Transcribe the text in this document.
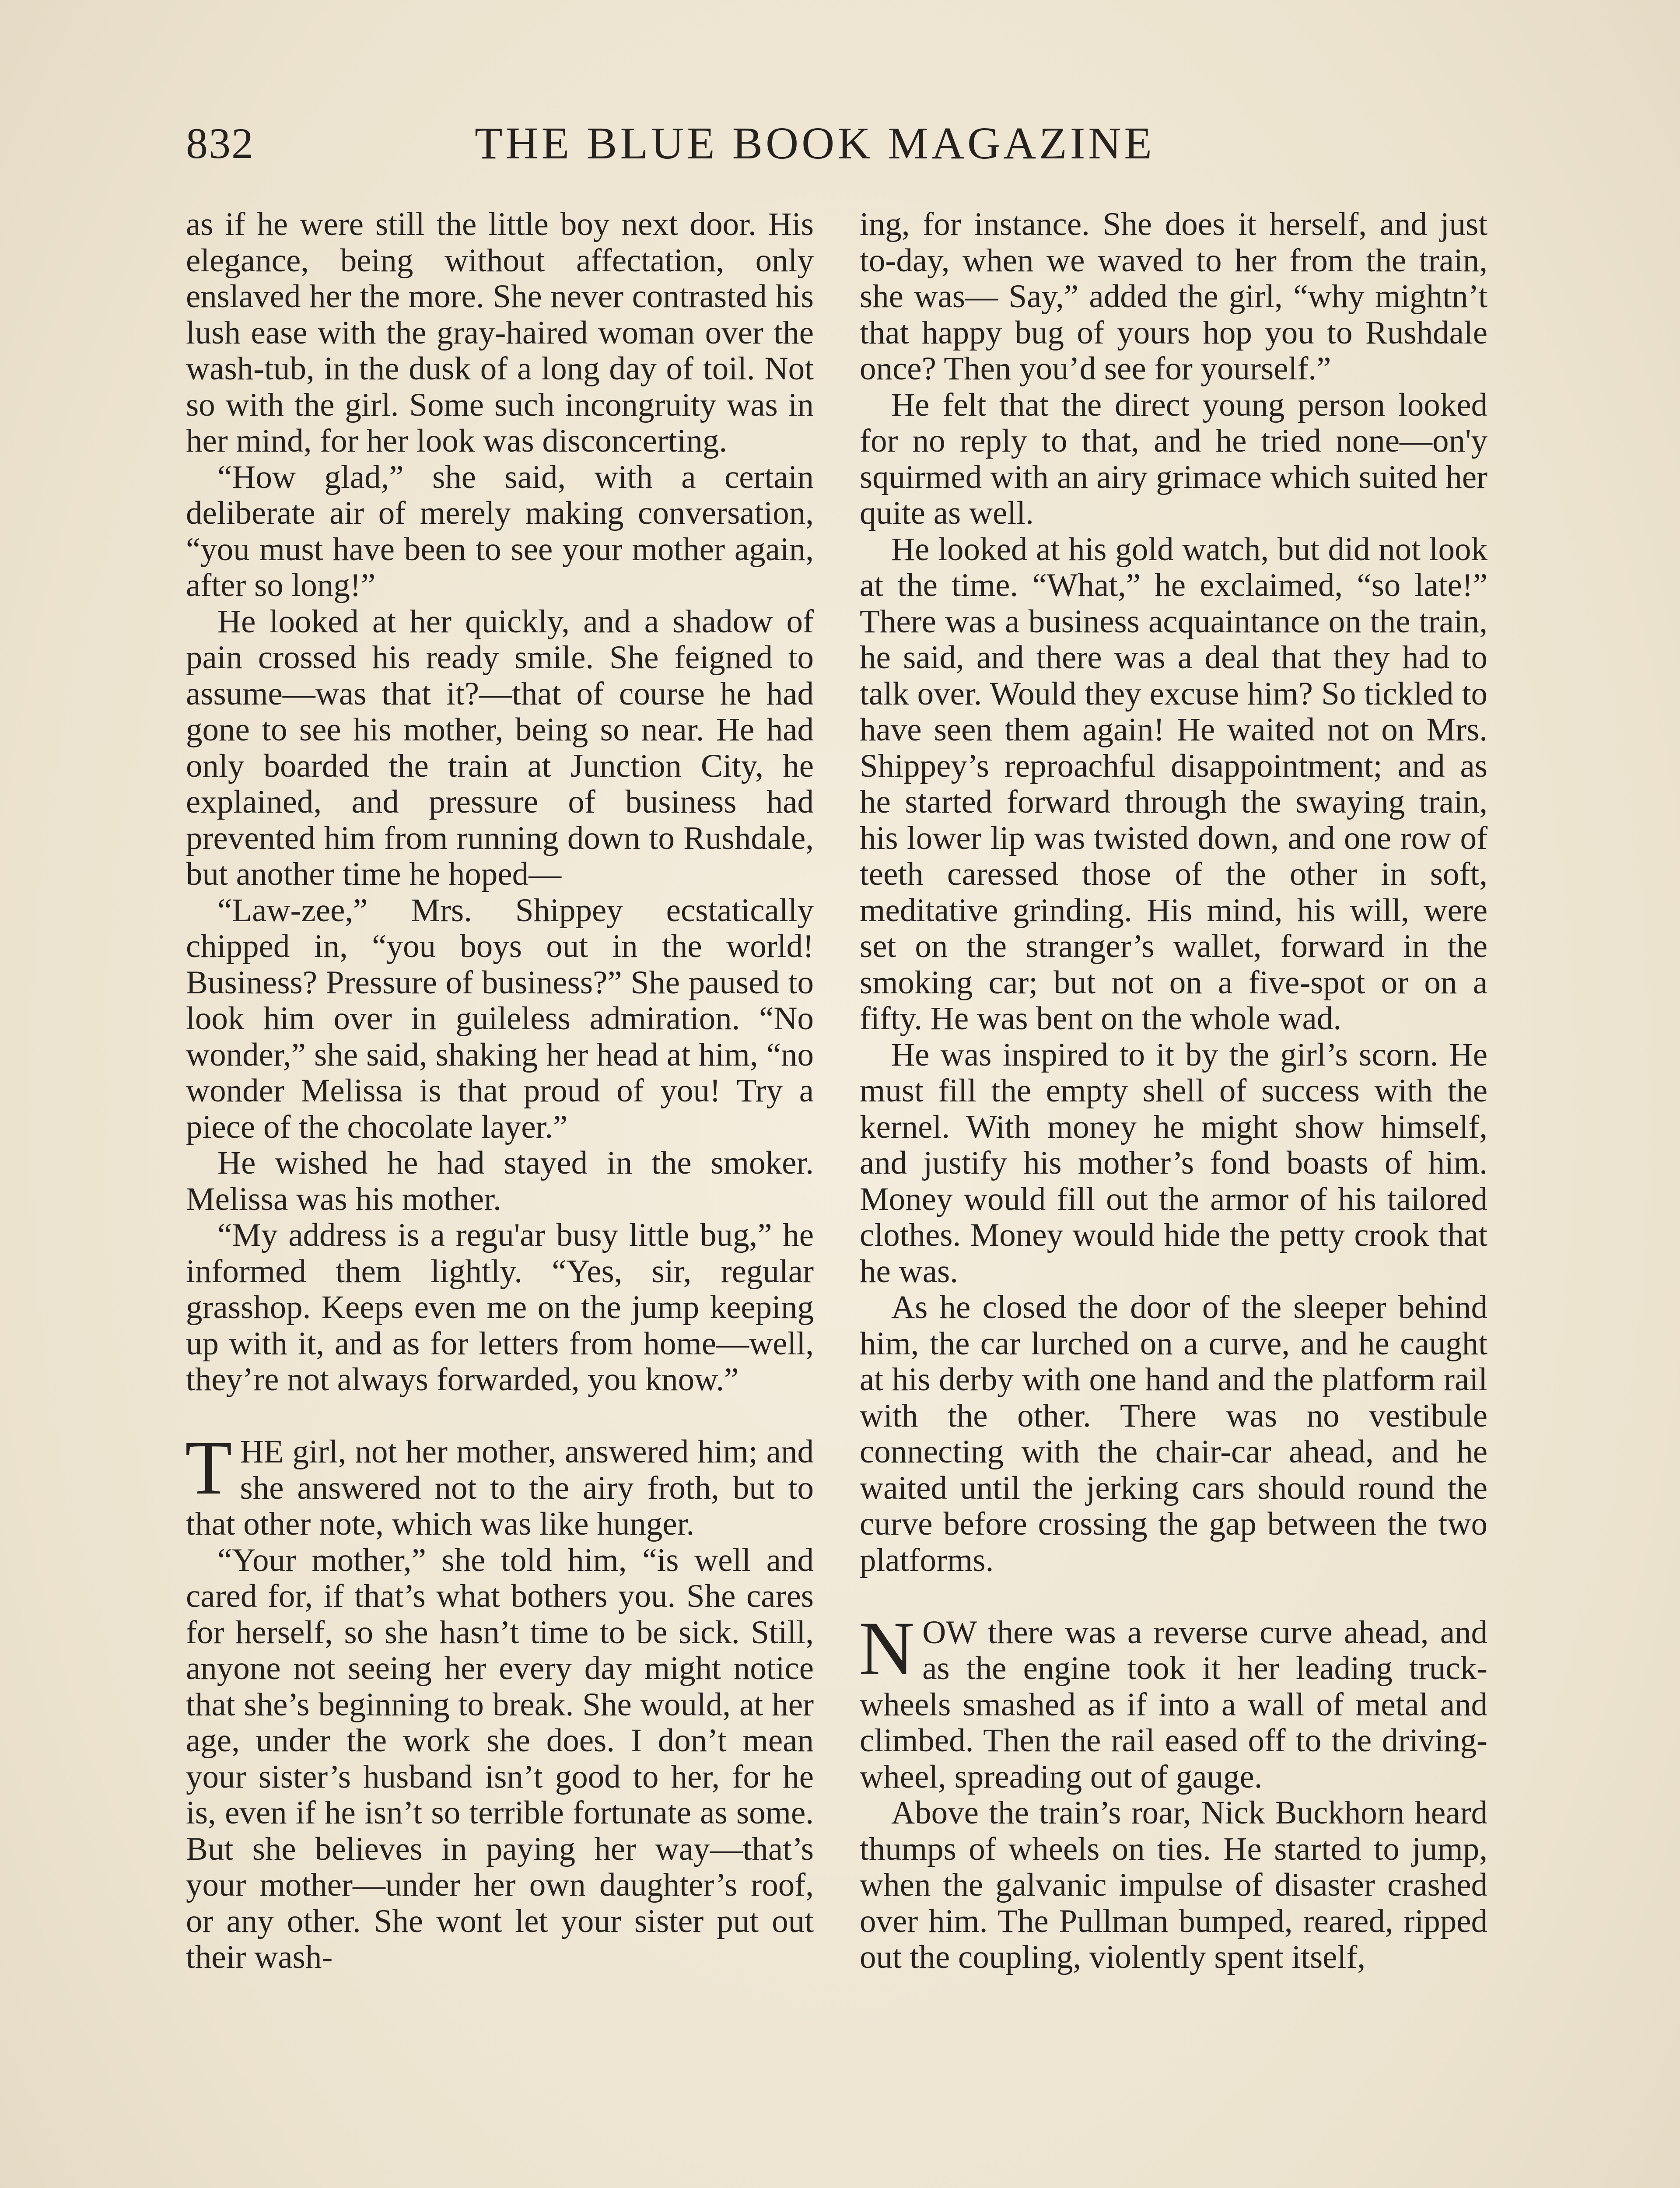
832	THE BLUE BOOK MAGAZINE

as if he were still the little boy next door. His elegance, being without affectation, only enslaved her the more. She never contrasted his lush ease with the gray-haired woman over the wash-tub, in the dusk of a long day of toil. Not so with the girl. Some such incongruity was in her mind, for her look was disconcerting.

“How glad,” she said, with a certain deliberate air of merely making conversation, “you must have been to see your mother again, after so long!”

He looked at her quickly, and a shadow of pain crossed his ready smile. She feigned to assume—was that it?—that of course he had gone to see his mother, being so near. He had only boarded the train at Junction City, he explained, and pressure of business had prevented him from running down to Rushdale, but another time he hoped—

“Law-zee,” Mrs. Shippey ecstatically chipped in, “you boys out in the world! Business? Pressure of business?” She paused to look him over in guileless admiration. “No wonder,” she said, shaking her head at him, “no wonder Melissa is that proud of you! Try a piece of the chocolate layer.”

He wished he had stayed in the smoker. Melissa was his mother.

“My address is a regu'ar busy little bug,” he informed them lightly. “Yes, sir, regular grasshop. Keeps even me on the jump keeping up with it, and as for letters from home—well, they’re not always forwarded, you know.”

THE girl, not her mother, answered him; and she answered not to the airy froth, but to that other note, which was like hunger.

“Your mother,” she told him, “is well and cared for, if that’s what bothers you. She cares for herself, so she hasn’t time to be sick. Still, anyone not seeing her every day might notice that she’s beginning to break. She would, at her age, under the work she does. I don’t mean your sister’s husband isn’t good to her, for he is, even if he isn’t so terrible fortunate as some. But she believes in paying her way—that’s your mother—under her own daughter’s roof, or any other. She wont let your sister put out their wash-

ing, for instance. She does it herself, and just to-day, when we waved to her from the train, she was— Say,” added the girl, “why mightn’t that happy bug of yours hop you to Rushdale once? Then you’d see for yourself.”

He felt that the direct young person looked for no reply to that, and he tried none—on'y squirmed with an airy grimace which suited her quite as well.

He looked at his gold watch, but did not look at the time. “What,” he exclaimed, “so late!” There was a business acquaintance on the train, he said, and there was a deal that they had to talk over. Would they excuse him? So tickled to have seen them again! He waited not on Mrs. Shippey’s reproachful disappointment; and as he started forward through the swaying train, his lower lip was twisted down, and one row of teeth caressed those of the other in soft, meditative grinding. His mind, his will, were set on the stranger’s wallet, forward in the smoking car; but not on a five-spot or on a fifty. He was bent on the whole wad.

He was inspired to it by the girl’s scorn. He must fill the empty shell of success with the kernel. With money he might show himself, and justify his mother’s fond boasts of him. Money would fill out the armor of his tailored clothes. Money would hide the petty crook that he was.

As he closed the door of the sleeper behind him, the car lurched on a curve, and he caught at his derby with one hand and the platform rail with the other. There was no vestibule connecting with the chair-car ahead, and he waited until the jerking cars should round the curve before crossing the gap between the two platforms.

NOW there was a reverse curve ahead, and as the engine took it her leading truck-wheels smashed as if into a wall of metal and climbed. Then the rail eased off to the driving-wheel, spreading out of gauge.

Above the train’s roar, Nick Buckhorn heard thumps of wheels on ties. He started to jump, when the galvanic impulse of disaster crashed over him. The Pullman bumped, reared, ripped out the coupling, violently spent itself,
